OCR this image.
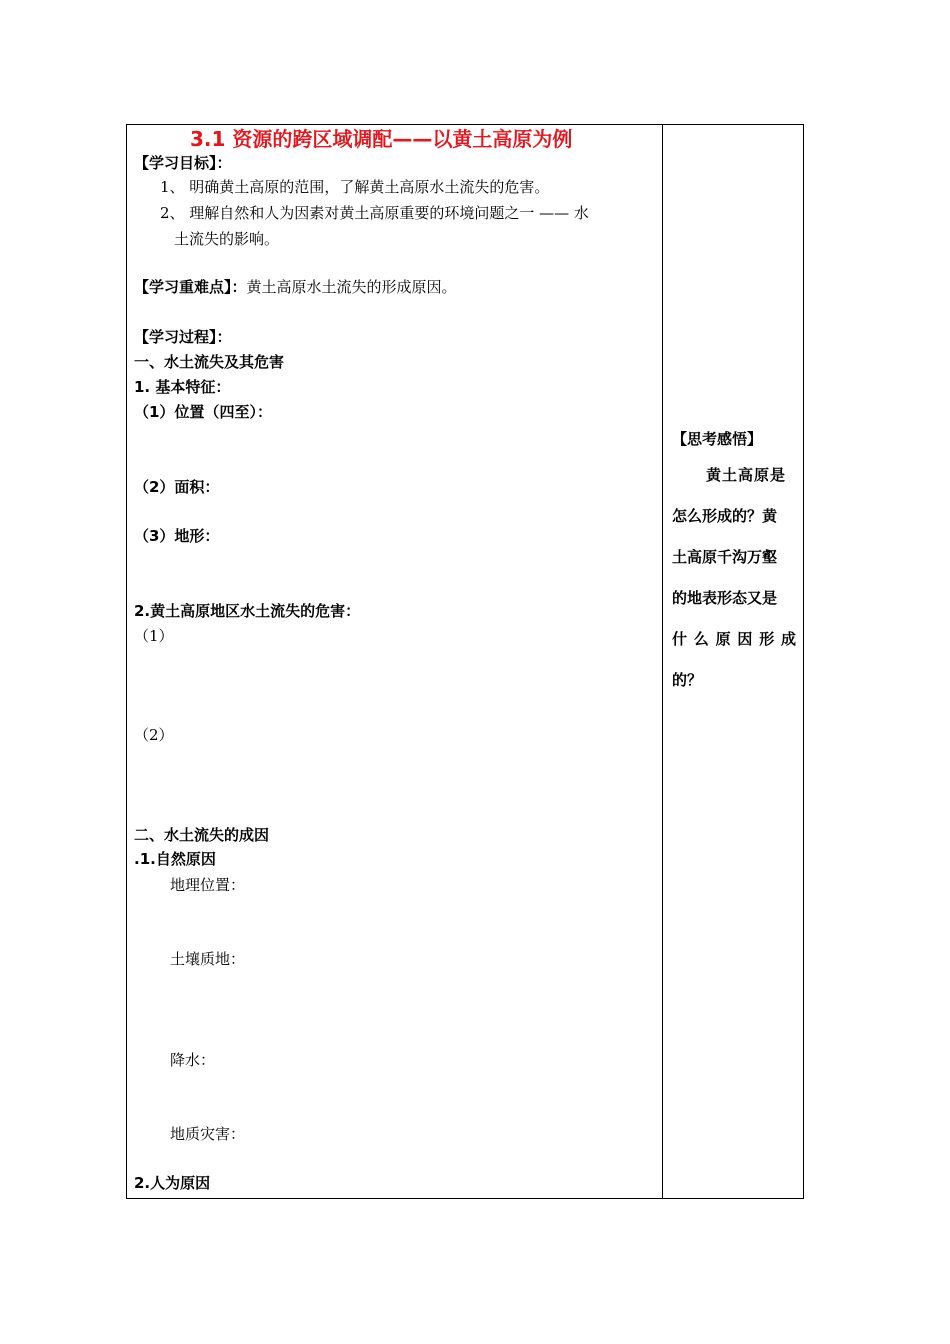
3.1 资源的跨区域调配——以黄土高原为例
【学习目标】：
1、 明确黄土高原的范围，了解黄土高原水土流失的危害。
2、 理解自然和人为因素对黄土高原重要的环境问题之一 —— 水
土流失的影响。
【学习重难点】：黄土高原水土流失的形成原因。
【学习过程】：
一、水土流失及其危害
1. 基本特征：
（1）位置（四至）：
（2）面积：
（3）地形：
2.黄土高原地区水土流失的危害：
（1）
（2）
二、水土流失的成因
.1.自然原因
地理位置：
土壤质地：
降水：
地质灾害：
2.人为原因
【思考感悟】
黄土高原是
怎么形成的？黄
土高原千沟万壑
的地表形态又是
什么原因形成
的？
